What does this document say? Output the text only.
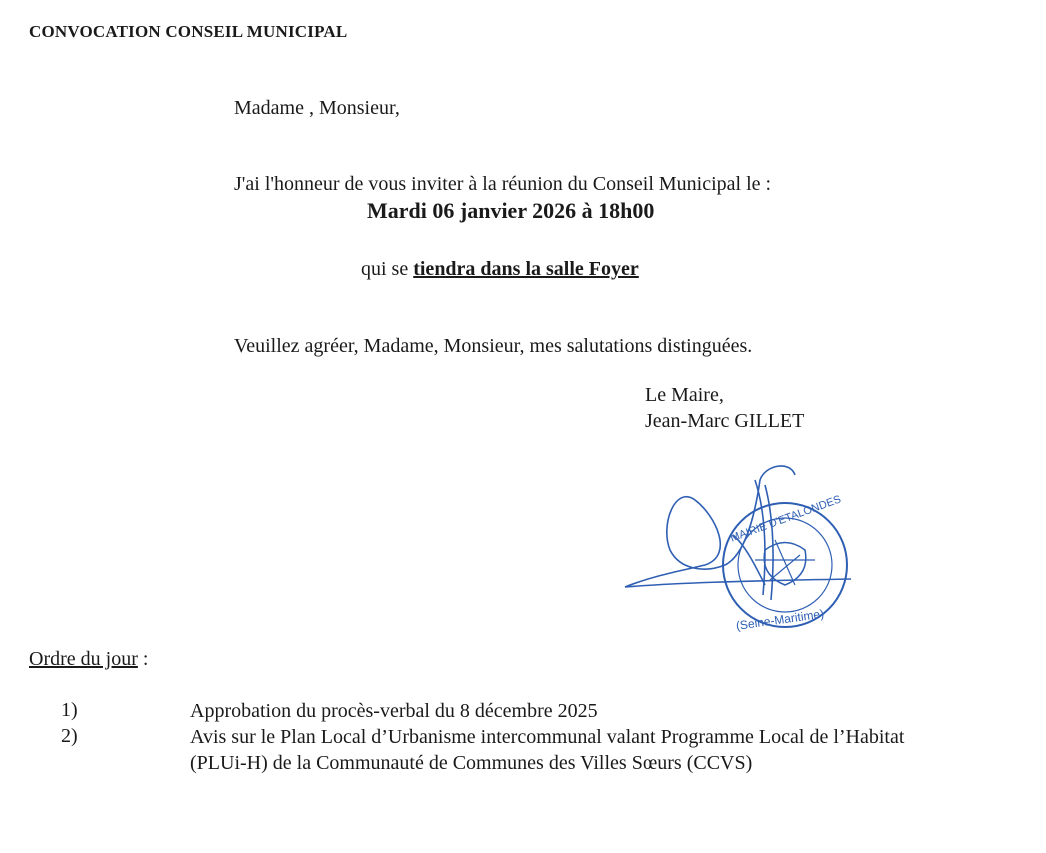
CONVOCATION CONSEIL MUNICIPAL
Madame , Monsieur,
J'ai l'honneur de vous inviter à la réunion du Conseil Municipal le :
Mardi 06 janvier 2026 à 18h00
qui se tiendra dans la salle Foyer
Veuillez agréer, Madame, Monsieur, mes salutations distinguées.
Le Maire,
Jean-Marc GILLET
MAIRIE D'ETALONDES
(Seine-Maritime)
Ordre du jour :
1)	Approbation du procès-verbal du 8 décembre 2025
2)	Avis sur le Plan Local d’Urbanisme intercommunal valant Programme Local de l’Habitat
(PLUi-H) de la Communauté de Communes des Villes Sœurs (CCVS)
